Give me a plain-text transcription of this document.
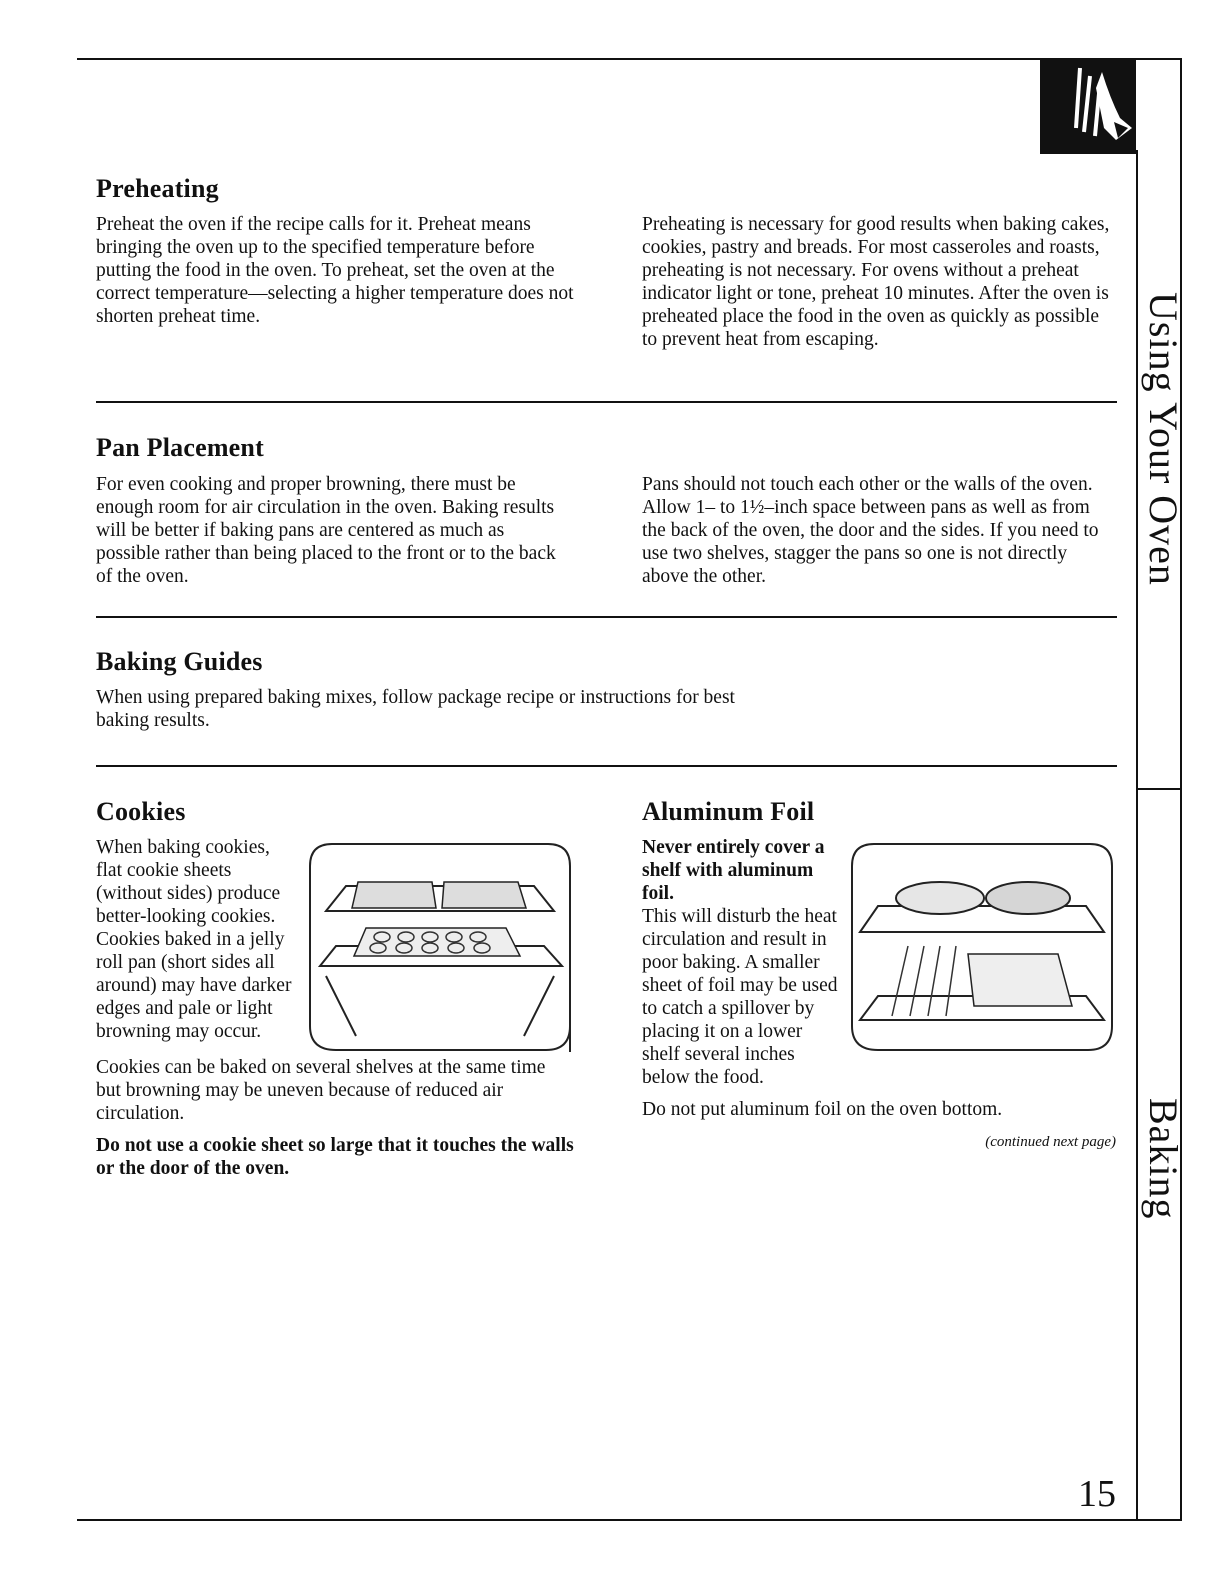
Using Your Oven
Baking
Preheating

Preheat the oven if the recipe calls for it. Preheat means bringing the oven up to the specified temperature before putting the food in the oven. To preheat, set the oven at the correct temperature—selecting a higher temperature does not shorten preheat time.

Preheating is necessary for good results when baking cakes, cookies, pastry and breads. For most casseroles and roasts, preheating is not necessary. For ovens without a preheat indicator light or tone, preheat 10 minutes. After the oven is preheated place the food in the oven as quickly as possible to prevent heat from escaping.

Pan Placement

For even cooking and proper browning, there must be enough room for air circulation in the oven. Baking results will be better if baking pans are centered as much as possible rather than being placed to the front or to the back of the oven.

Pans should not touch each other or the walls of the oven. Allow 1– to 1½–inch space between pans as well as from the back of the oven, the door and the sides. If you need to use two shelves, stagger the pans so one is not directly above the other.

Baking Guides

When using prepared baking mixes, follow package recipe or instructions for best baking results.

Cookies

When baking cookies, flat cookie sheets (without sides) produce better-looking cookies. Cookies baked in a jelly roll pan (short sides all around) may have darker edges and pale or light browning may occur.

Cookies can be baked on several shelves at the same time but browning may be uneven because of reduced air circulation.

Do not use a cookie sheet so large that it touches the walls or the door of the oven.

Aluminum Foil

Never entirely cover a shelf with aluminum foil.

This will disturb the heat circulation and result in poor baking. A smaller sheet of foil may be used to catch a spillover by placing it on a lower shelf several inches below the food.

Do not put aluminum foil on the oven bottom.

(continued next page)

15
